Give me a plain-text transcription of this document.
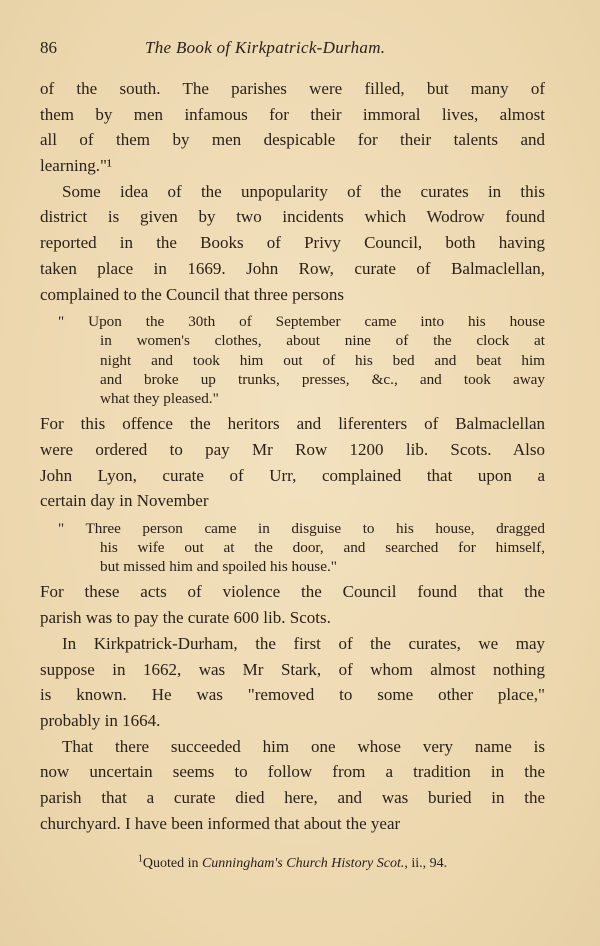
86	The Book of Kirkpatrick-Durham.
of the south. The parishes were filled, but many of
them by men infamous for their immoral lives, almost
all of them by men despicable for their talents and
learning."¹
Some idea of the unpopularity of the curates in this
district is given by two incidents which Wodrow found
reported in the Books of Privy Council, both having
taken place in 1669. John Row, curate of Balmaclellan,
complained to the Council that three persons
" Upon the 30th of September came into his house
in women's clothes, about nine of the clock at
night and took him out of his bed and beat him
and broke up trunks, presses, &c., and took away
what they pleased."
For this offence the heritors and liferenters of Balmaclellan
were ordered to pay Mr Row 1200 lib. Scots. Also
John Lyon, curate of Urr, complained that upon a
certain day in November
" Three person came in disguise to his house, dragged
his wife out at the door, and searched for himself,
but missed him and spoiled his house."
For these acts of violence the Council found that the
parish was to pay the curate 600 lib. Scots.
In Kirkpatrick-Durham, the first of the curates, we may
suppose in 1662, was Mr Stark, of whom almost nothing
is known. He was "removed to some other place,"
probably in 1664.
That there succeeded him one whose very name is
now uncertain seems to follow from a tradition in the
parish that a curate died here, and was buried in the
churchyard. I have been informed that about the year
$^1$Quoted in Cunningham's Church History Scot., ii., 94.
